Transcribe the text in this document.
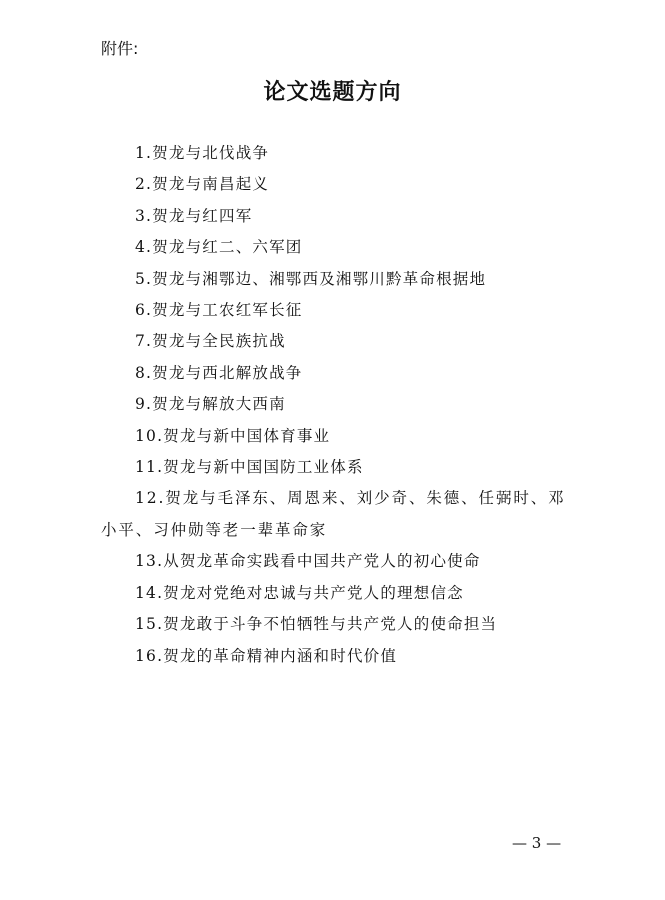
附件:
论文选题方向
1.贺龙与北伐战争
2.贺龙与南昌起义
3.贺龙与红四军
4.贺龙与红二、六军团
5.贺龙与湘鄂边、湘鄂西及湘鄂川黔革命根据地
6.贺龙与工农红军长征
7.贺龙与全民族抗战
8.贺龙与西北解放战争
9.贺龙与解放大西南
10.贺龙与新中国体育事业
11.贺龙与新中国国防工业体系
12.贺龙与毛泽东、周恩来、刘少奇、朱德、任弼时、邓小平、习仲勋等老一辈革命家
13.从贺龙革命实践看中国共产党人的初心使命
14.贺龙对党绝对忠诚与共产党人的理想信念
15.贺龙敢于斗争不怕牺牲与共产党人的使命担当
16.贺龙的革命精神内涵和时代价值
— 3 —
